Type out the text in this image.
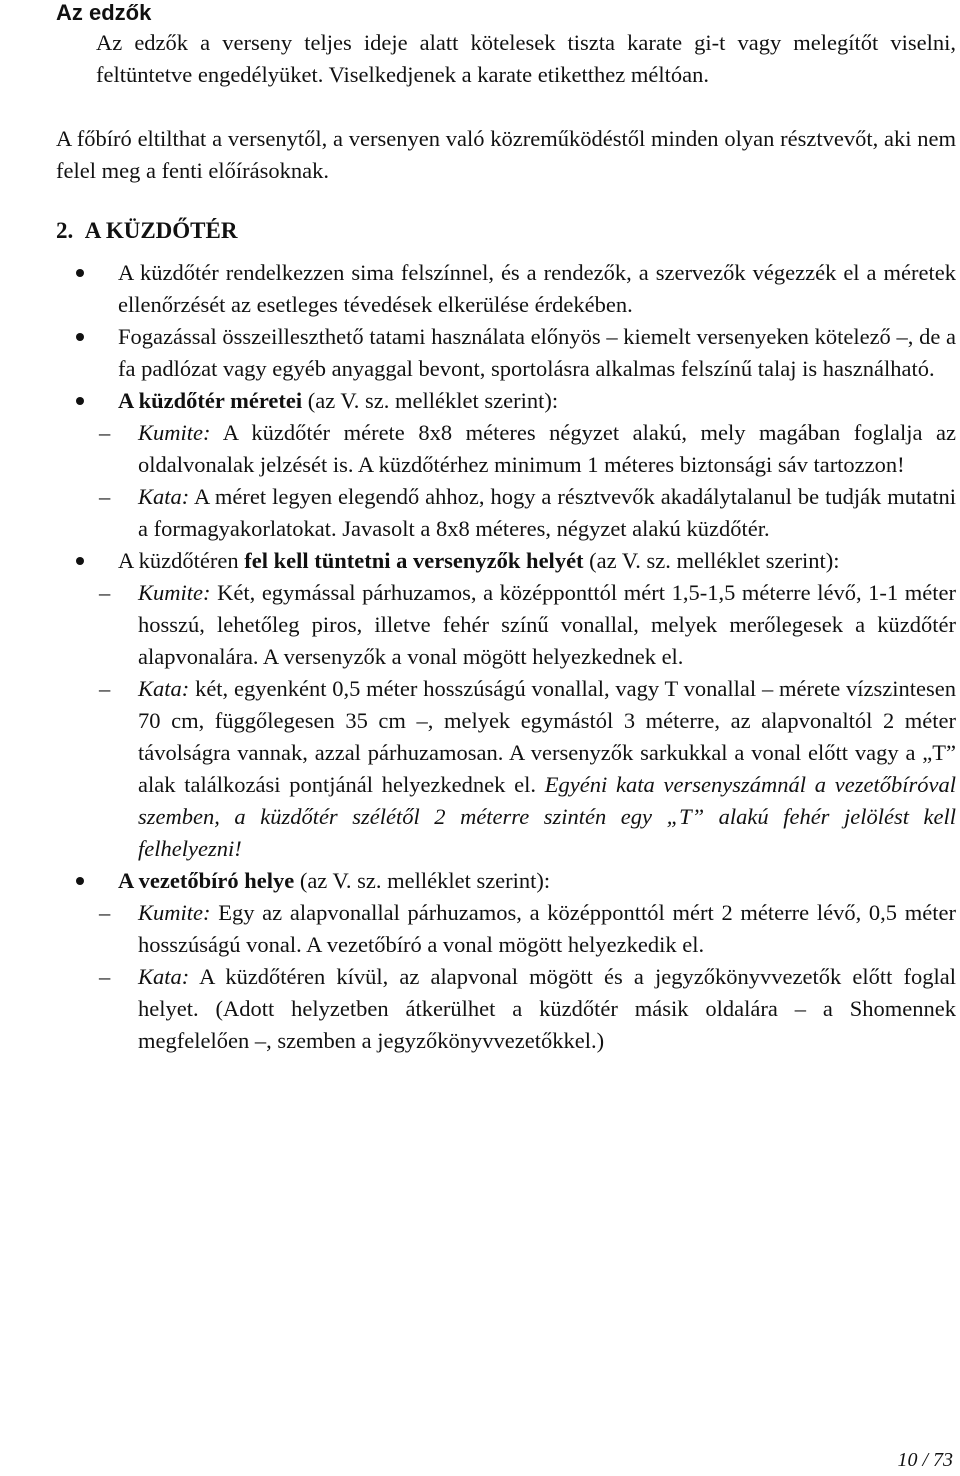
Az edzők
Az edzők a verseny teljes ideje alatt kötelesek tiszta karate gi-t vagy melegítőt viselni, feltüntetve engedélyüket. Viselkedjenek a karate etiketthez méltóan.
A főbíró eltilthat a versenytől, a versenyen való közreműködéstől minden olyan résztvevőt, aki nem felel meg a fenti előírásoknak.
2.  A KÜZDŐTÉR
A küzdőtér rendelkezzen sima felszínnel, és a rendezők, a szervezők végezzék el a méretek ellenőrzését az esetleges tévedések elkerülése érdekében.
Fogazással összeilleszthető tatami használata előnyös – kiemelt versenyeken kötelező –, de a fa padlózat vagy egyéb anyaggal bevont, sportolásra alkalmas felszínű talaj is használható.
A küzdőtér méretei (az V. sz. melléklet szerint):
– Kumite: A küzdőtér mérete 8x8 méteres négyzet alakú, mely magában foglalja az oldalvonalak jelzését is. A küzdőtérhez minimum 1 méteres biztonsági sáv tartozzon!
– Kata: A méret legyen elegendő ahhoz, hogy a résztvevők akadálytalanul be tudják mutatni a formagyakorlatokat. Javasolt a 8x8 méteres, négyzet alakú küzdőtér.
A küzdőtéren fel kell tüntetni a versenyzők helyét (az V. sz. melléklet szerint):
– Kumite: Két, egymással párhuzamos, a középponttól mért 1,5-1,5 méterre lévő, 1-1 méter hosszú, lehetőleg piros, illetve fehér színű vonallal, melyek merőlegesek a küzdőtér alapvonalára. A versenyzők a vonal mögött helyezkednek el.
– Kata: két, egyenként 0,5 méter hosszúságú vonallal, vagy T vonallal – mérete vízszintesen 70 cm, függőlegesen 35 cm –, melyek egymástól 3 méterre, az alapvonaltól 2 méter távolságra vannak, azzal párhuzamosan. A versenyzők sarkukkal a vonal előtt vagy a „T” alak találkozási pontjánál helyezkednek el. Egyéni kata versenyszámnál a vezetőbíróval szemben, a küzdőtér szélétől 2 méterre szintén egy „T” alakú fehér jelölést kell felhelyezni!
A vezetőbíró helye (az V. sz. melléklet szerint):
– Kumite: Egy az alapvonallal párhuzamos, a középponttól mért 2 méterre lévő, 0,5 méter hosszúságú vonal. A vezetőbíró a vonal mögött helyezkedik el.
– Kata: A küzdőtéren kívül, az alapvonal mögött és a jegyzőkönyvvezetők előtt foglal helyet. (Adott helyzetben átkerülhet a küzdőtér másik oldalára – a Shomennek megfelelően –, szemben a jegyzőkönyvvezetőkkel.)
10 / 73
